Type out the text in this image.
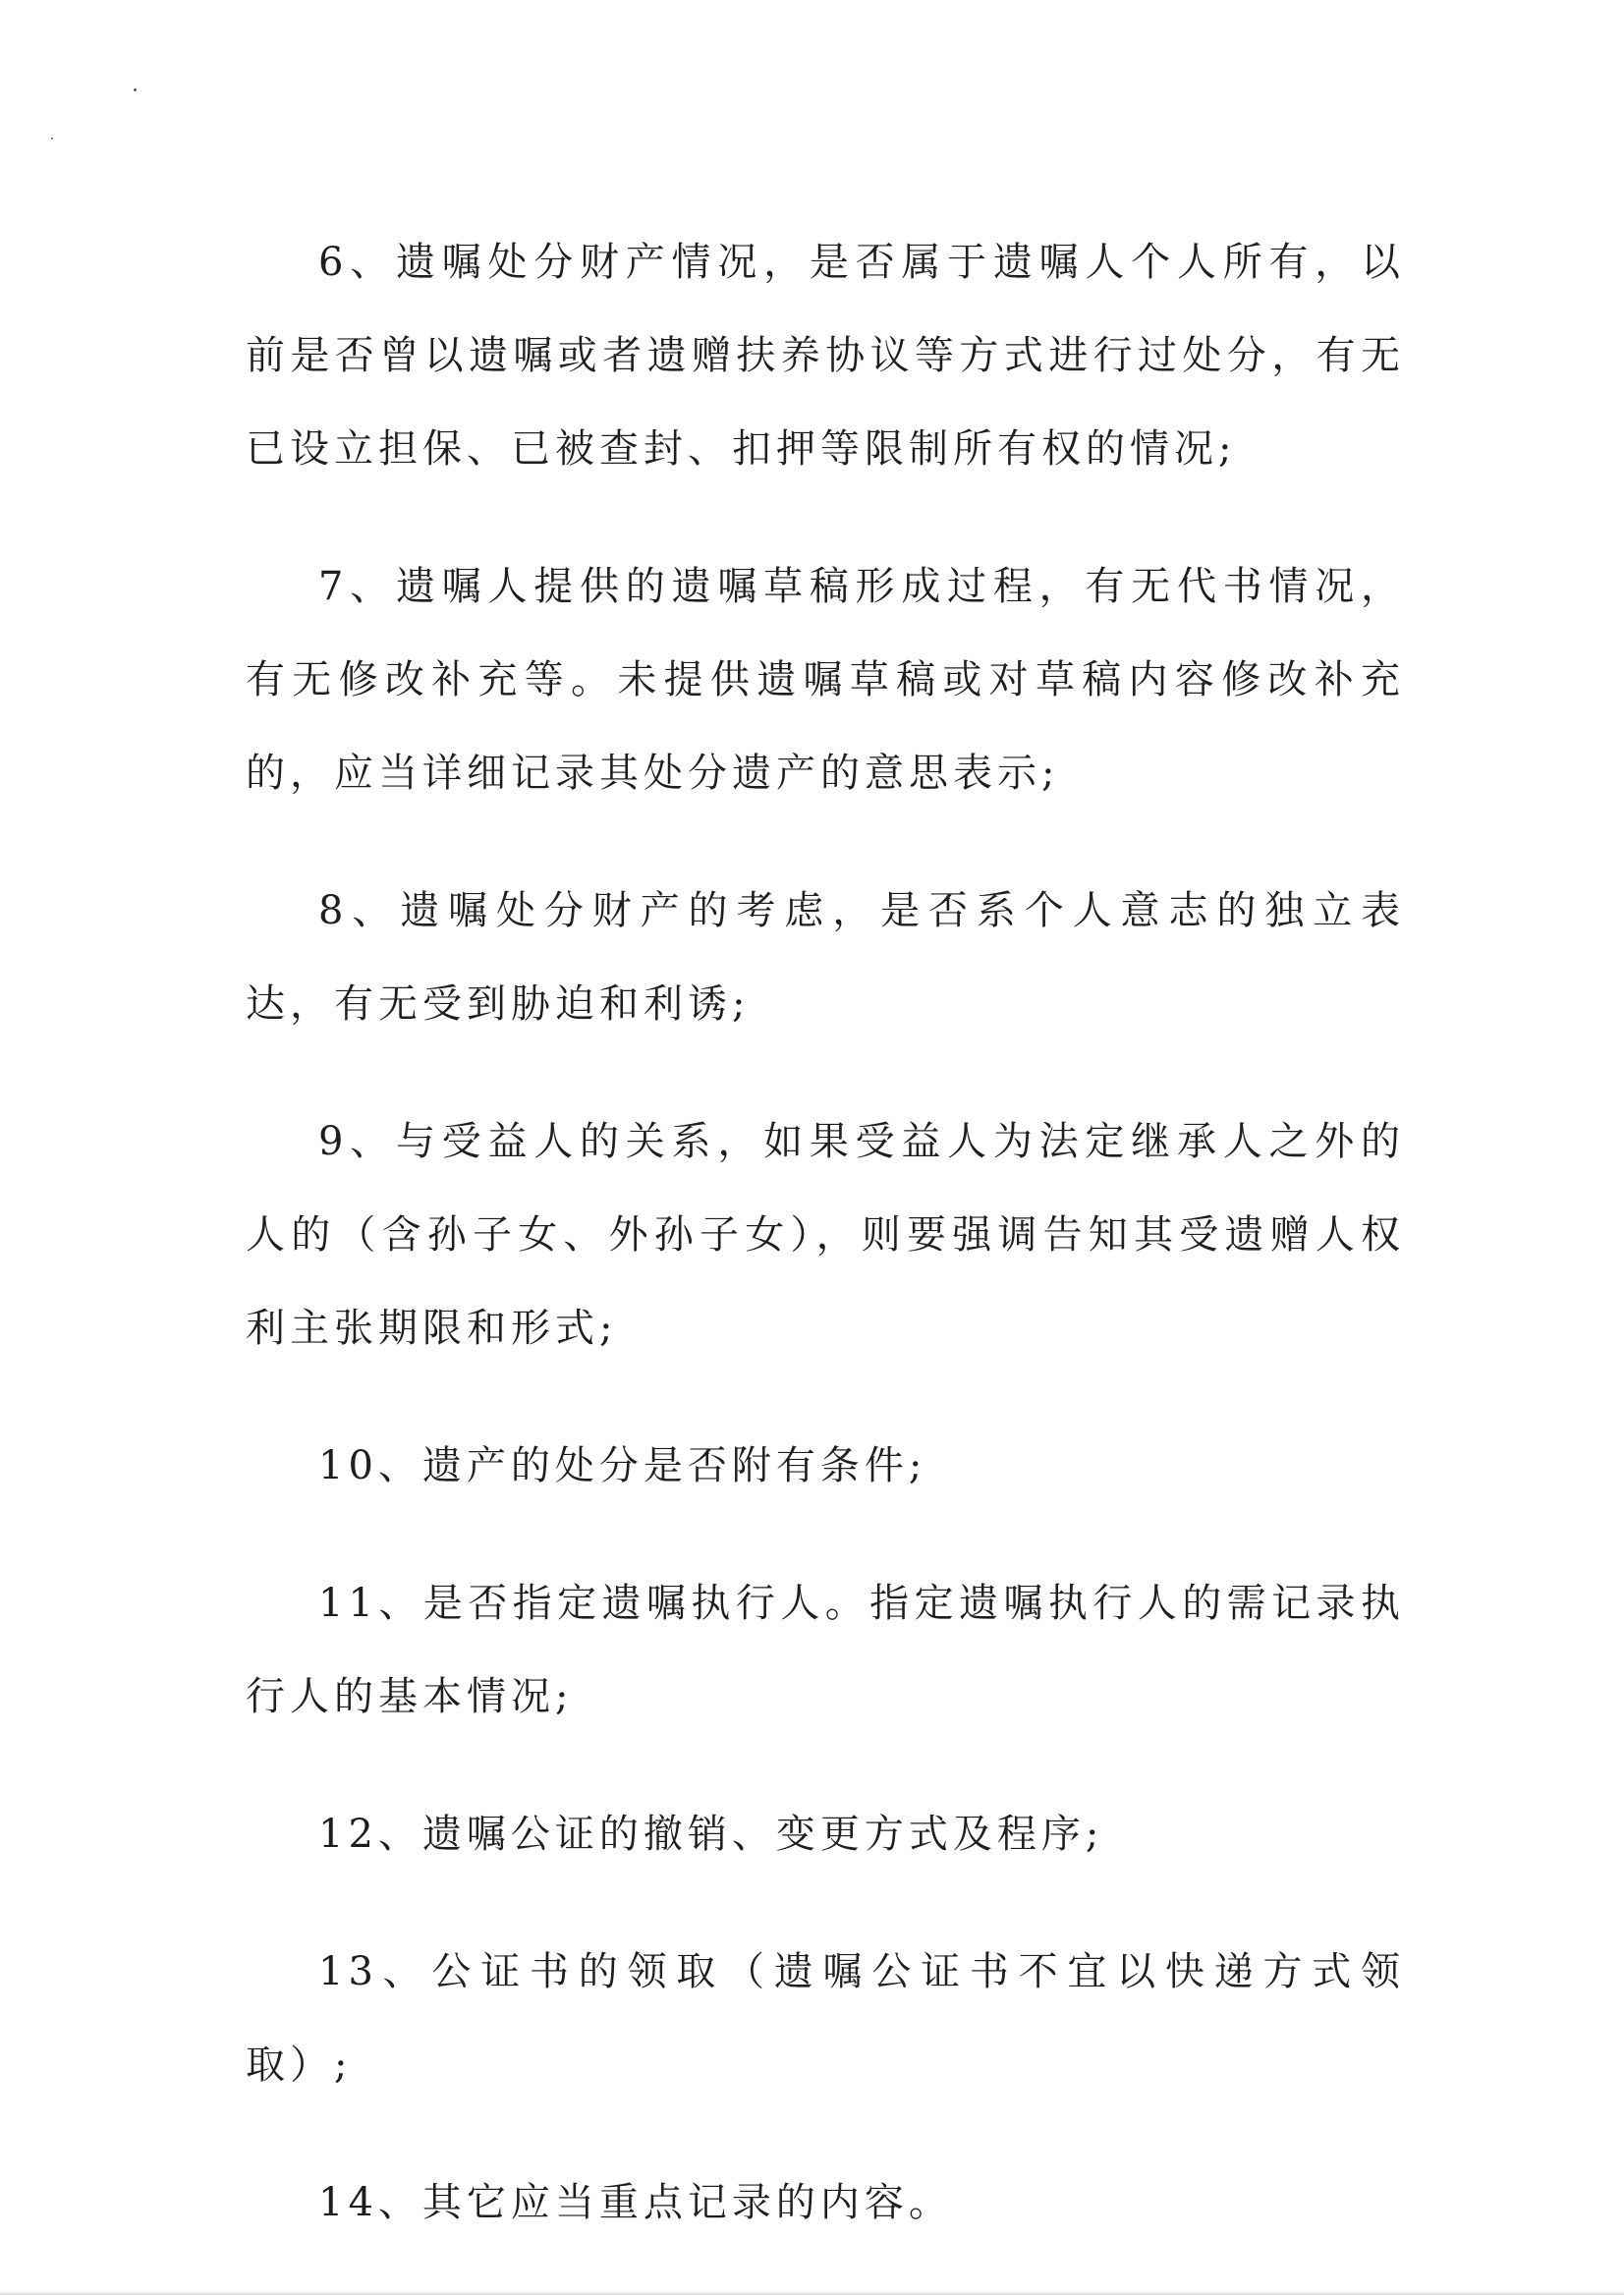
6、遗嘱处分财产情况，是否属于遗嘱人个人所有，以前是否曾以遗嘱或者遗赠扶养协议等方式进行过处分，有无已设立担保、已被查封、扣押等限制所有权的情况;

7、遗嘱人提供的遗嘱草稿形成过程，有无代书情况，有无修改补充等。未提供遗嘱草稿或对草稿内容修改补充的，应当详细记录其处分遗产的意思表示;

8、遗嘱处分财产的考虑，是否系个人意志的独立表达，有无受到胁迫和利诱;

9、与受益人的关系，如果受益人为法定继承人之外的人的（含孙子女、外孙子女），则要强调告知其受遗赠人权利主张期限和形式;

10、遗产的处分是否附有条件;

11、是否指定遗嘱执行人。指定遗嘱执行人的需记录执行人的基本情况;

12、遗嘱公证的撤销、变更方式及程序;

13、公证书的领取（遗嘱公证书不宜以快递方式领取）;

14、其它应当重点记录的内容。
